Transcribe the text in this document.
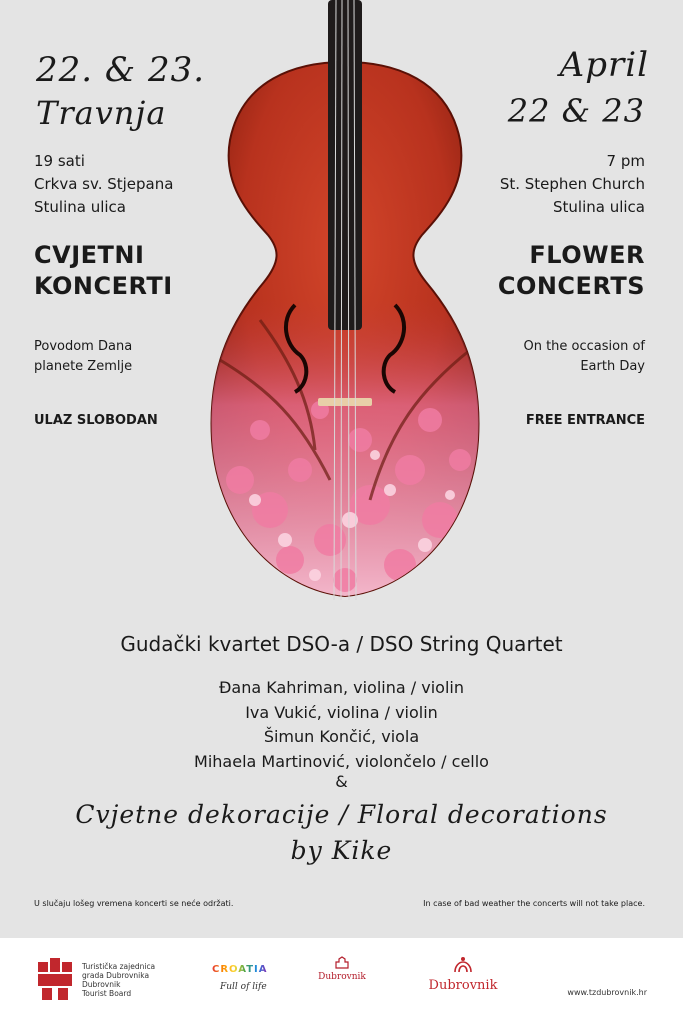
22. & 23.
Travnja
April
22 & 23
19 sati
Crkva sv. Stjepana
Stulina ulica
7 pm
St. Stephen Church
Stulina ulica
CVJETNI
KONCERTI
FLOWER
CONCERTS
Povodom Dana
planete Zemlje
On the occasion of
Earth Day
ULAZ SLOBODAN	FREE ENTRANCE
Gudački kvartet DSO-a / DSO String Quartet
Đana Kahriman, violina / violin
Iva Vukić, violina / violin
Šimun Končić, viola
Mihaela Martinović, violončelo / cello
&
Cvjetne dekoracije / Floral decorations
by Kike
U slučaju lošeg vremena koncerti se neće održati.	In case of bad weather the concerts will not take place.
Turistička zajednica
grada Dubrovnika
Dubrovnik
Tourist Board
CROATIA
Full of life
Dubrovnik
Dubrovnik	www.tzdubrovnik.hr
